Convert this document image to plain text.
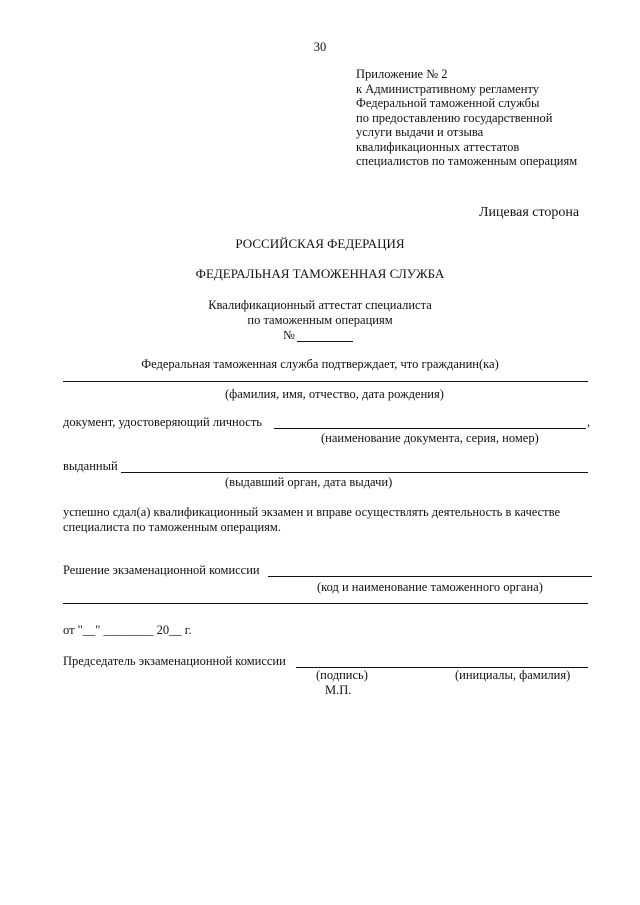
30
Приложение № 2
к Административному регламенту
Федеральной таможенной службы
по предоставлению государственной
услуги выдачи и отзыва
квалификационных аттестатов
специалистов по таможенным операциям
Лицевая сторона
РОССИЙСКАЯ ФЕДЕРАЦИЯ
ФЕДЕРАЛЬНАЯ ТАМОЖЕННАЯ СЛУЖБА
Квалификационный аттестат специалиста
по таможенным операциям
№
Федеральная таможенная служба подтверждает, что гражданин(ка)
(фамилия, имя, отчество, дата рождения)
документ, удостоверяющий личность	,
(наименование документа, серия, номер)
выданный
(выдавший орган, дата выдачи)
успешно сдал(а) квалификационный экзамен и вправе осуществлять деятельность в качестве
специалиста по таможенным операциям.
Решение экзаменационной комиссии
(код и наименование таможенного органа)
от "__" ________ 20__ г.
Председатель экзаменационной комиссии
(подпись)	(инициалы, фамилия)
М.П.
